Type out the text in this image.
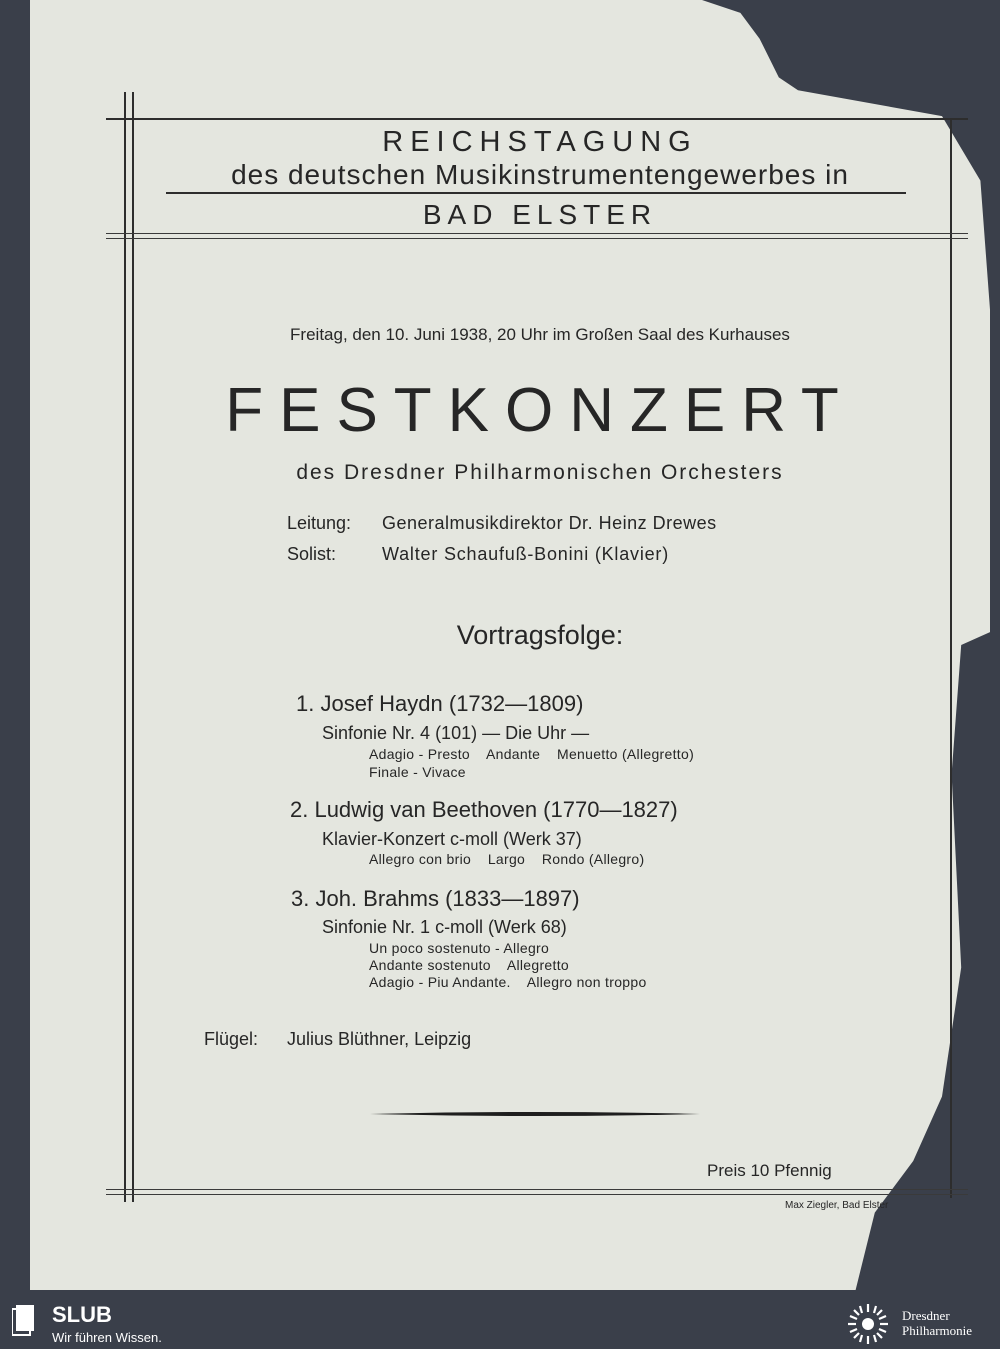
REICHSTAGUNG
des deutschen Musikinstrumentengewerbes in
BAD ELSTER
Freitag, den 10. Juni 1938, 20 Uhr im Großen Saal des Kurhauses
FESTKONZERT
des Dresdner Philharmonischen Orchesters
Leitung: Generalmusikdirektor Dr. Heinz Drewes
Solist:	Walter Schaufuß-Bonini (Klavier)
Vortragsfolge:
1. Josef Haydn (1732—1809)
Sinfonie Nr. 4 (101) — Die Uhr —
Adagio - Presto    Andante    Menuetto (Allegretto)
Finale - Vivace
2. Ludwig van Beethoven (1770—1827)
Klavier-Konzert c-moll (Werk 37)
Allegro con brio    Largo    Rondo (Allegro)
3. Joh. Brahms (1833—1897)
Sinfonie Nr. 1 c-moll (Werk 68)
Un poco sostenuto - Allegro
Andante sostenuto    Allegretto
Adagio - Piu Andante.    Allegro non troppo
Flügel: Julius Blüthner, Leipzig
Preis 10 Pfennig
Max Ziegler, Bad Elster
SLUB
Wir führen Wissen.
Dresdner
Philharmonie
